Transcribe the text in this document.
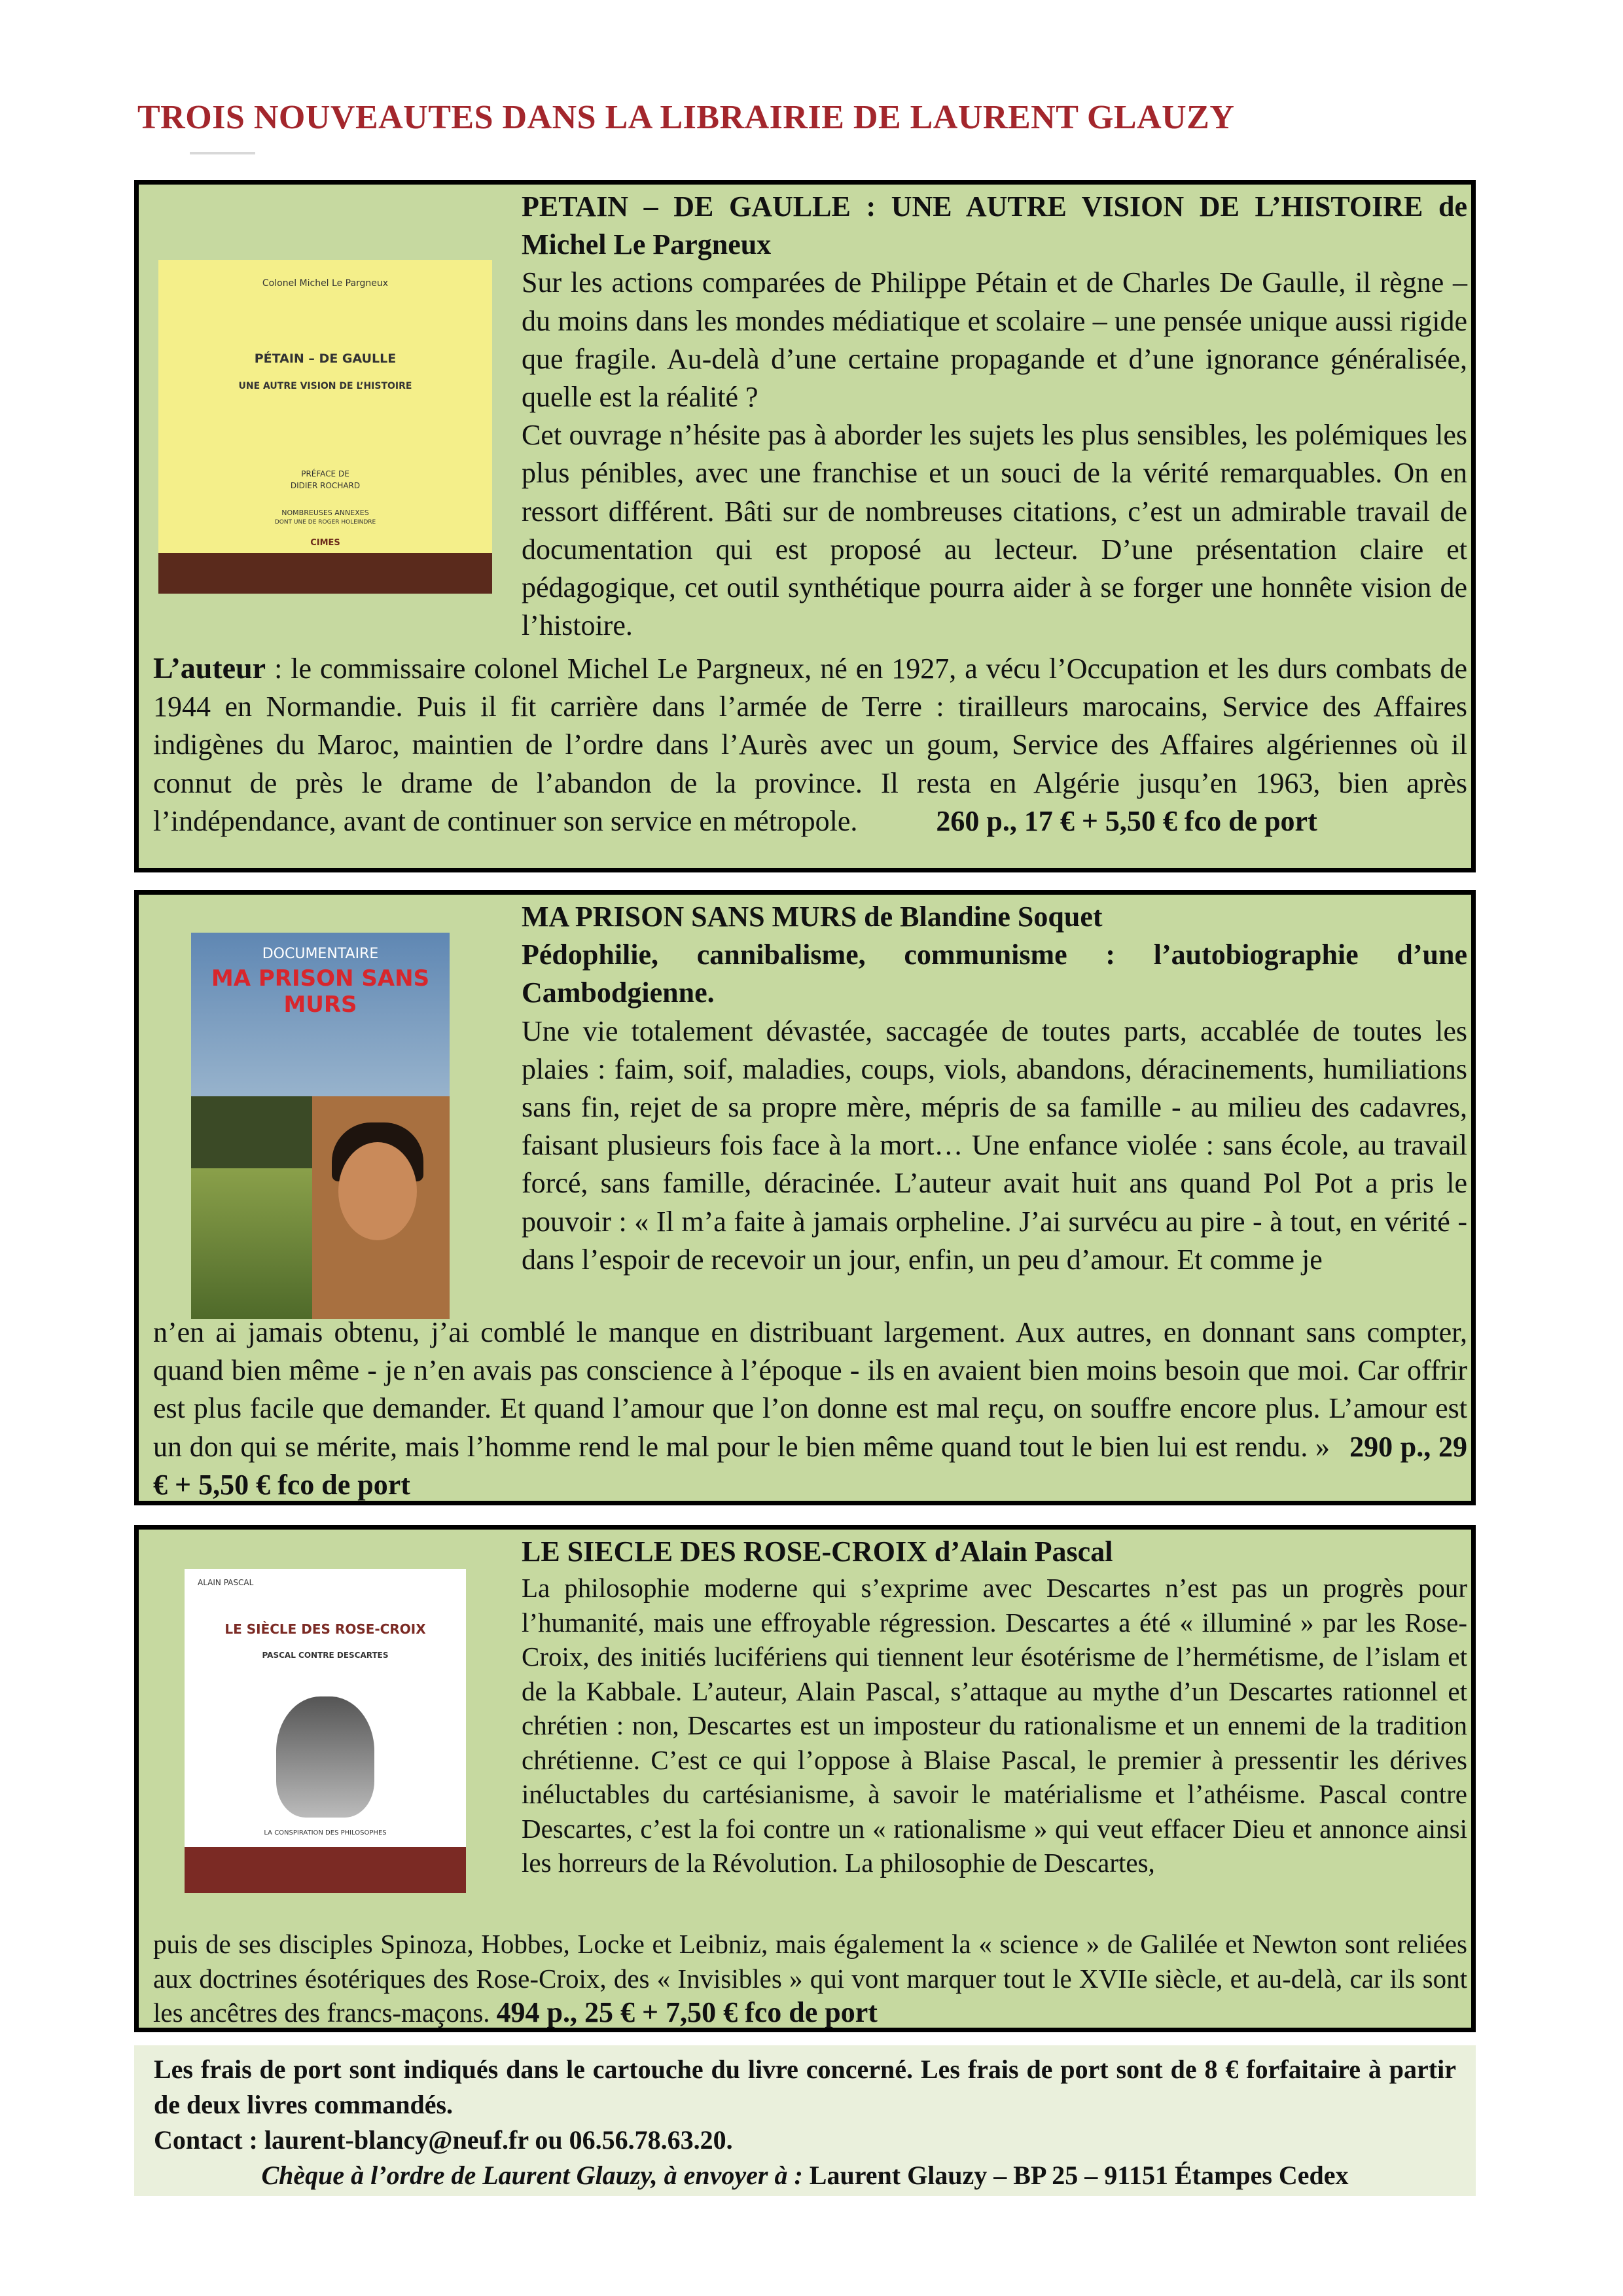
TROIS NOUVEAUTES DANS LA LIBRAIRIE DE LAURENT GLAUZY
Colonel Michel Le Pargneux
PÉTAIN – DE GAULLE
UNE AUTRE VISION DE L’HISTOIRE
PRÉFACE DE
DIDIER ROCHARD
NOMBREUSES ANNEXES
DONT UNE DE ROGER HOLEINDRE
CIMES
PETAIN – DE GAULLE : UNE AUTRE VISION DE L’HISTOIRE de Michel Le Pargneux
Sur les actions comparées de Philippe Pétain et de Charles De Gaulle, il règne – du moins dans les mondes médiatique et scolaire – une pensée unique aussi rigide que fragile. Au-delà d’une certaine propagande et d’une ignorance généralisée, quelle est la réalité ?
Cet ouvrage n’hésite pas à aborder les sujets les plus sensibles, les polémiques les plus pénibles, avec une franchise et un souci de la vérité remarquables. On en ressort différent. Bâti sur de nombreuses citations, c’est un admirable travail de documentation qui est proposé au lecteur. D’une présentation claire et pédagogique, cet outil synthétique pourra aider à se forger une honnête vision de l’histoire.
L’auteur : le commissaire colonel Michel Le Pargneux, né en 1927, a vécu l’Occupation et les durs combats de 1944 en Normandie. Puis il fit carrière dans l’armée de Terre : tirailleurs marocains, Service des Affaires indigènes du Maroc, maintien de l’ordre dans l’Aurès avec un goum, Service des Affaires algériennes où il connut de près le drame de l’abandon de la province. Il resta en Algérie jusqu’en 1963, bien après l’indépendance, avant de continuer son service en métropole.	260 p., 17 € + 5,50 € fco de port
DOCUMENTAIRE
MA PRISON SANS MURS
MA PRISON SANS MURS de Blandine Soquet
Pédophilie, cannibalisme, communisme : l’autobiographie d’une Cambodgienne.
Une vie totalement dévastée, saccagée de toutes parts, accablée de toutes les plaies : faim, soif, maladies, coups, viols, abandons, déracinements, humiliations sans fin, rejet de sa propre mère, mépris de sa famille - au milieu des cadavres, faisant plusieurs fois face à la mort… Une enfance violée : sans école, au travail forcé, sans famille, déracinée. L’auteur avait huit ans quand Pol Pot a pris le pouvoir : « Il m’a faite à jamais orpheline. J’ai survécu au pire - à tout, en vérité - dans l’espoir de recevoir un jour, enfin, un peu d’amour. Et comme je
n’en ai jamais obtenu, j’ai comblé le manque en distribuant largement. Aux autres, en donnant sans compter, quand bien même - je n’en avais pas conscience à l’époque - ils en avaient bien moins besoin que moi. Car offrir est plus facile que demander. Et quand l’amour que l’on donne est mal reçu, on souffre encore plus. L’amour est un don qui se mérite, mais l’homme rend le mal pour le bien même quand tout le bien lui est rendu. » 290 p., 29 € + 5,50 € fco de port
ALAIN PASCAL
LE SIÈCLE DES ROSE-CROIX
PASCAL CONTRE DESCARTES
LA CONSPIRATION DES PHILOSOPHES
LE SIECLE DES ROSE-CROIX d’Alain Pascal
La philosophie moderne qui s’exprime avec Descartes n’est pas un progrès pour l’humanité, mais une effroyable régression. Descartes a été « illuminé » par les Rose-Croix, des initiés lucifériens qui tiennent leur ésotérisme de l’hermétisme, de l’islam et de la Kabbale. L’auteur, Alain Pascal, s’attaque au mythe d’un Descartes rationnel et chrétien : non, Descartes est un imposteur du rationalisme et un ennemi de la tradition chrétienne. C’est ce qui l’oppose à Blaise Pascal, le premier à pressentir les dérives inéluctables du cartésianisme, à savoir le matérialisme et l’athéisme. Pascal contre Descartes, c’est la foi contre un « rationalisme » qui veut effacer Dieu et annonce ainsi les horreurs de la Révolution. La philosophie de Descartes,
puis de ses disciples Spinoza, Hobbes, Locke et Leibniz, mais également la « science » de Galilée et Newton sont reliées aux doctrines ésotériques des Rose-Croix, des « Invisibles » qui vont marquer tout le XVIIe siècle, et au-delà, car ils sont les ancêtres des francs-maçons. 494 p., 25 € + 7,50 € fco de port
Les frais de port sont indiqués dans le cartouche du livre concerné. Les frais de port sont de 8 € forfaitaire à partir de deux livres commandés.
Contact : laurent-blancy@neuf.fr ou 06.56.78.63.20.
Chèque à l’ordre de Laurent Glauzy, à envoyer à : Laurent Glauzy – BP 25 – 91151 Étampes Cedex
